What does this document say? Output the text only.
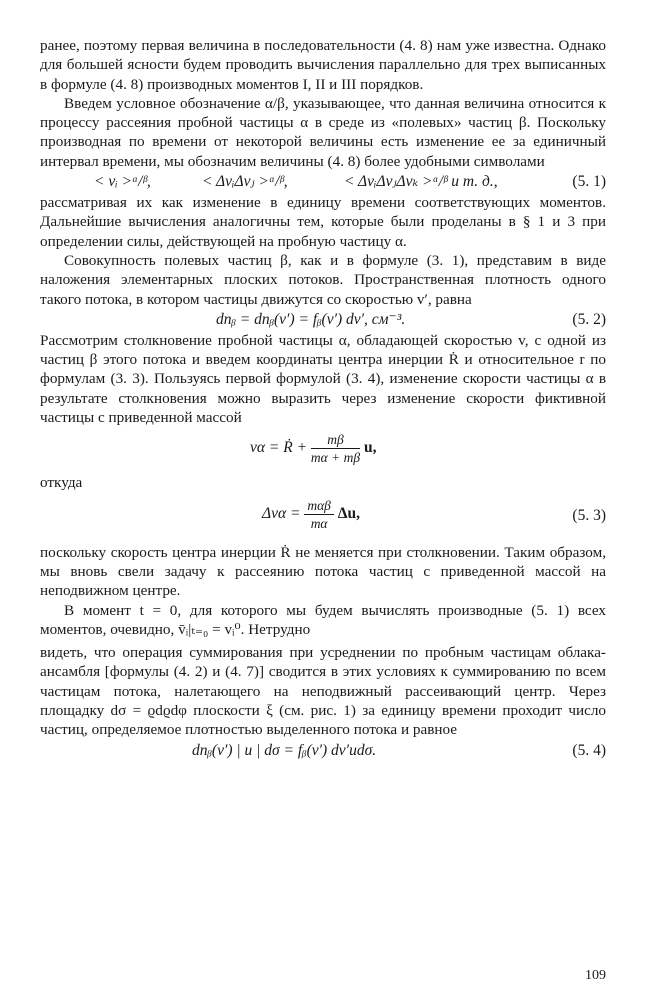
ранее, поэтому первая величина в последовательности (4. 8) нам уже известна. Однако для большей ясности будем проводить вычисления параллельно для трех выписанных в формуле (4. 8) производных моментов I, II и III порядков.

Введем условное обозначение α/β, указывающее, что данная величина относится к процессу рассеяния пробной частицы α в среде из «полевых» частиц β. Поскольку производная по времени от некоторой величины есть изменение ее за единичный интервал времени, мы обозначим величины (4. 8) более удобными символами

< vᵢ >ᵅ/ᵝ,	< ΔvᵢΔvⱼ >ᵅ/ᵝ,	< ΔvᵢΔvⱼΔvₖ >ᵅ/ᵝ и т. д.,	(5. 1)

рассматривая их как изменение в единицу времени соответствующих моментов. Дальнейшие вычисления аналогичны тем, которые были проделаны в § 1 и 3 при определении силы, действующей на пробную частицу α.

Совокупность полевых частиц β, как и в формуле (3. 1), представим в виде наложения элементарных плоских потоков. Пространственная плотность одного такого потока, в котором частицы движутся со скоростью v′, равна

dnᵦ = dnᵦ(v′) = fᵦ(v′) dv′, см⁻³.	(5. 2)

Рассмотрим столкновение пробной частицы α, обладающей скоростью v, с одной из частиц β этого потока и введем координаты центра инерции Ṙ и относительное r по формулам (3. 3). Пользуясь первой формулой (3. 4), изменение скорости частицы α в результате столкновения можно выразить через изменение скорости фиктивной частицы с приведенной массой

vα = Ṙ + $\frac{m\beta}{m\alpha + m\beta} u$,

откуда

$\Delta v\alpha = \frac{\text{mαβ}}{m\alpha} \Delta u$,	(5. 3)

поскольку скорость центра инерции Ṙ не меняется при столкновении. Таким образом, мы вновь свели задачу к рассеянию потока частиц с приведенной массой на неподвижном центре.

В момент t = 0, для которого мы будем вычислять производные (5. 1) всех моментов, очевидно, v̄ᵢ|ₜ₌₀ = vᵢ⁰. Нетрудно

видеть, что операция суммирования при усреднении по пробным частицам облака-ансамбля [формулы (4. 2) и (4. 7)] сводится в этих условиях к суммированию по всем частицам потока, налетающего на неподвижный рассеивающий центр. Через площадку dσ = ϱdϱdφ плоскости ξ (см. рис. 1) за единицу времени проходит число частиц, определяемое плотностью выделенного потока и равное

dnᵦ(v′) | u | dσ = fᵦ(v′) dv′udσ.	(5. 4)
109
